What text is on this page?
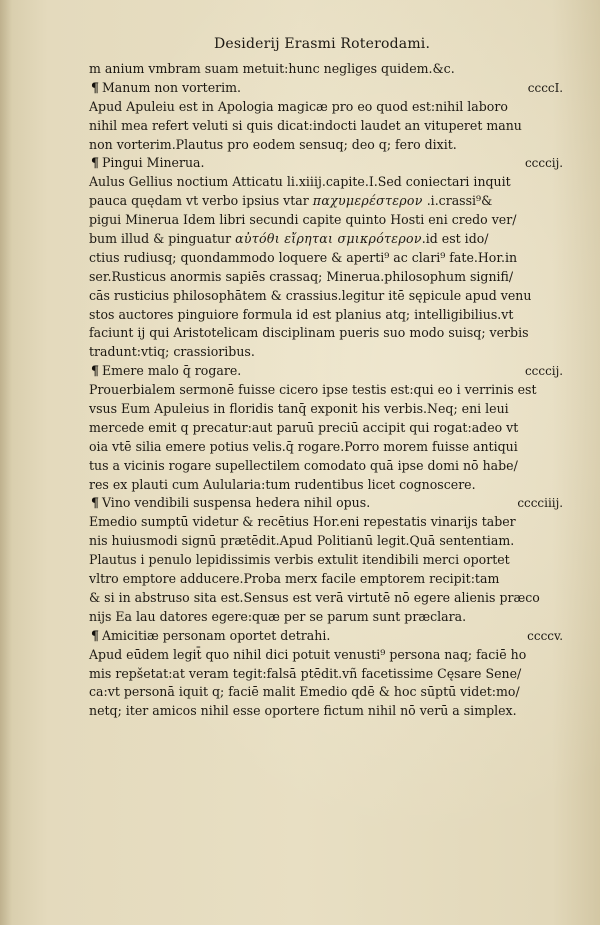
Desiderij Erasmi Roterodami.
m anium vmbram suam metuit:hunc negliges quidem.&c.
¶ Manum non vorterim.	ccccI.
Apud Apuleiu est in Apologia magicæ pro eo quod est:nihil laboro
nihil mea refert veluti si quis dicat:indocti laudet an vituperet manu
non vorterim.Plautus pro eodem sensuq; deo q; fero dixit.
¶ Pingui Minerua.	ccccij.
Aulus Gellius noctium Atticatu li.xiiij.capite.I.Sed coniectari inquit
pauca quędam vt verbo ipsius vtar παχυμερέστερον .i.crassi⁹&
pigui Minerua Idem libri secundi capite quinto Hosti eni credo ver/
bum illud & pinguatur αὐτόθι εἴρηται σμικρότερον.id est ido/
ctius rudiusq; quondammodo loquere & aperti⁹ ac clari⁹ fate.Hor.in
ser.Rusticus anormis sapiēs crassaq; Minerua.philosophum signifi/
cās rusticius philosophātem & crassius.legitur itē sępicule apud venu
stos auctores pinguiore formula id est planius atq; intelligibilius.vt
faciunt ij qui Aristotelicam disciplinam pueris suo modo suisq; verbis
tradunt:vtiq; crassioribus.
¶ Emere malo q̄ rogare.	ccccij.
Prouerbialem sermonē fuisse cicero ipse testis est:qui eo i verrinis est
vsus Eum Apuleius in floridis tanq̄ exponit his verbis.Neq; eni leui
mercede emit q precatur:aut paruū preciū accipit qui rogat:adeo vt
oia vtē silia emere potius velis.q̄ rogare.Porro morem fuisse antiqui
tus a vicinis rogare supellectilem comodato quā ipse domi nō habe/
res ex plauti cum Aulularia:tum rudentibus licet cognoscere.
¶ Vino vendibili suspensa hedera nihil opus.	cccciiij.
Emedio sumptū videtur & recētius Hor.eni repestatis vinarijs taber
nis huiusmodi signū prætēdit.Apud Politianū legit.Quā sententiam.
Plautus i penulo lepidissimis verbis extulit itendibili merci oportet
vltro emptore adducere.Proba merx facile emptorem recipit:tam
& si in abstruso sita est.Sensus est verā virtutē nō egere alienis præco
nijs Ea lau datores egere:quæ per se parum sunt præclara.
¶ Amicitiæ personam oportet detrahi.	ccccv.
Apud eūdem legit̄ quo nihil dici potuit venusti⁹ persona naq; faciē ho
mis repšetat:at veram tegit:falsā ptēdit.vñ facetissime Cęsare Sene/
ca:vt personā iquit q; faciē malit Emedio qdē & hoc sūptū videt:mo/
netq; iter amicos nihil esse oportere fictum nihil nō verū a simplex.
